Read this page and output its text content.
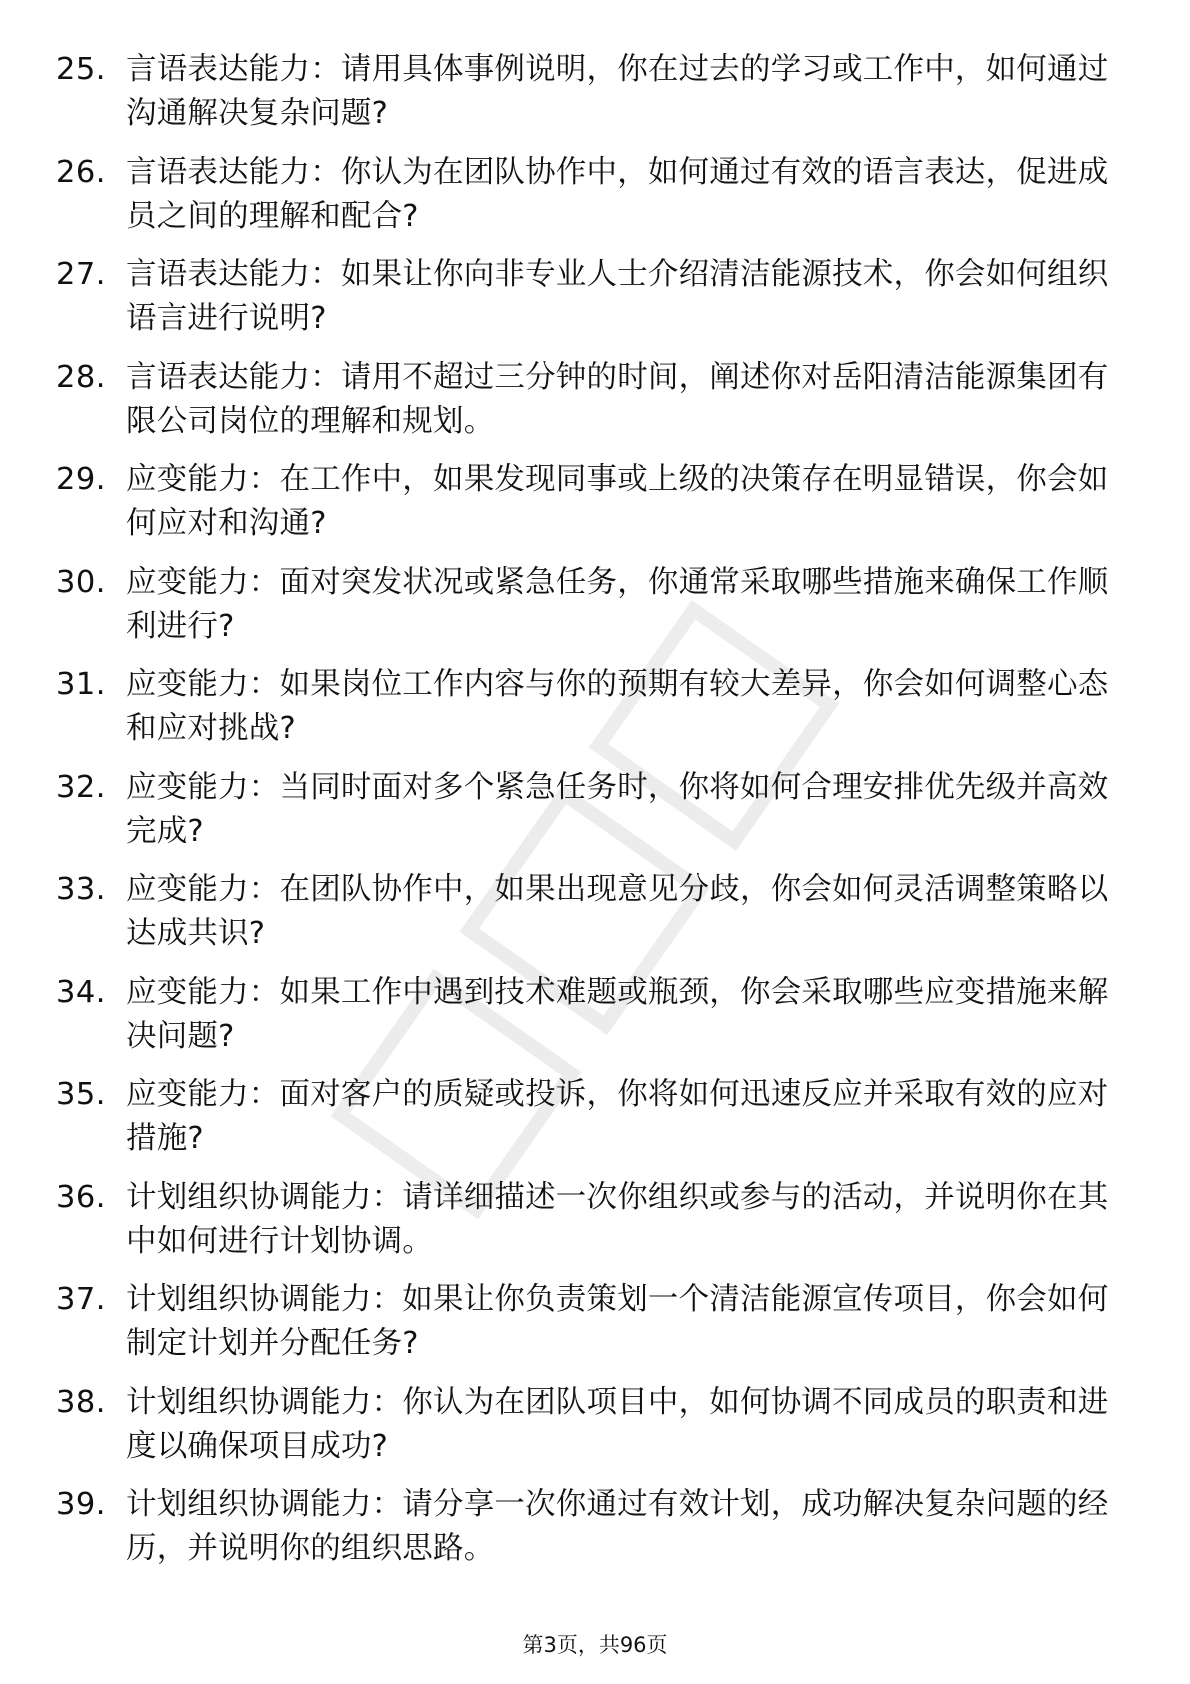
25. 言语表达能力：请用具体事例说明，你在过去的学习或工作中，如何通过沟通解决复杂问题?
26. 言语表达能力：你认为在团队协作中，如何通过有效的语言表达，促进成员之间的理解和配合?
27. 言语表达能力：如果让你向非专业人士介绍清洁能源技术，你会如何组织语言进行说明?
28. 言语表达能力：请用不超过三分钟的时间，阐述你对岳阳清洁能源集团有限公司岗位的理解和规划。
29. 应变能力：在工作中，如果发现同事或上级的决策存在明显错误，你会如何应对和沟通?
30. 应变能力：面对突发状况或紧急任务，你通常采取哪些措施来确保工作顺利进行?
31. 应变能力：如果岗位工作内容与你的预期有较大差异，你会如何调整心态和应对挑战?
32. 应变能力：当同时面对多个紧急任务时，你将如何合理安排优先级并高效完成?
33. 应变能力：在团队协作中，如果出现意见分歧，你会如何灵活调整策略以达成共识?
34. 应变能力：如果工作中遇到技术难题或瓶颈，你会采取哪些应变措施来解决问题?
35. 应变能力：面对客户的质疑或投诉，你将如何迅速反应并采取有效的应对措施?
36. 计划组织协调能力：请详细描述一次你组织或参与的活动，并说明你在其中如何进行计划协调。
37. 计划组织协调能力：如果让你负责策划一个清洁能源宣传项目，你会如何制定计划并分配任务?
38. 计划组织协调能力：你认为在团队项目中，如何协调不同成员的职责和进度以确保项目成功?
39. 计划组织协调能力：请分享一次你通过有效计划，成功解决复杂问题的经历，并说明你的组织思路。
第3页，共96页
